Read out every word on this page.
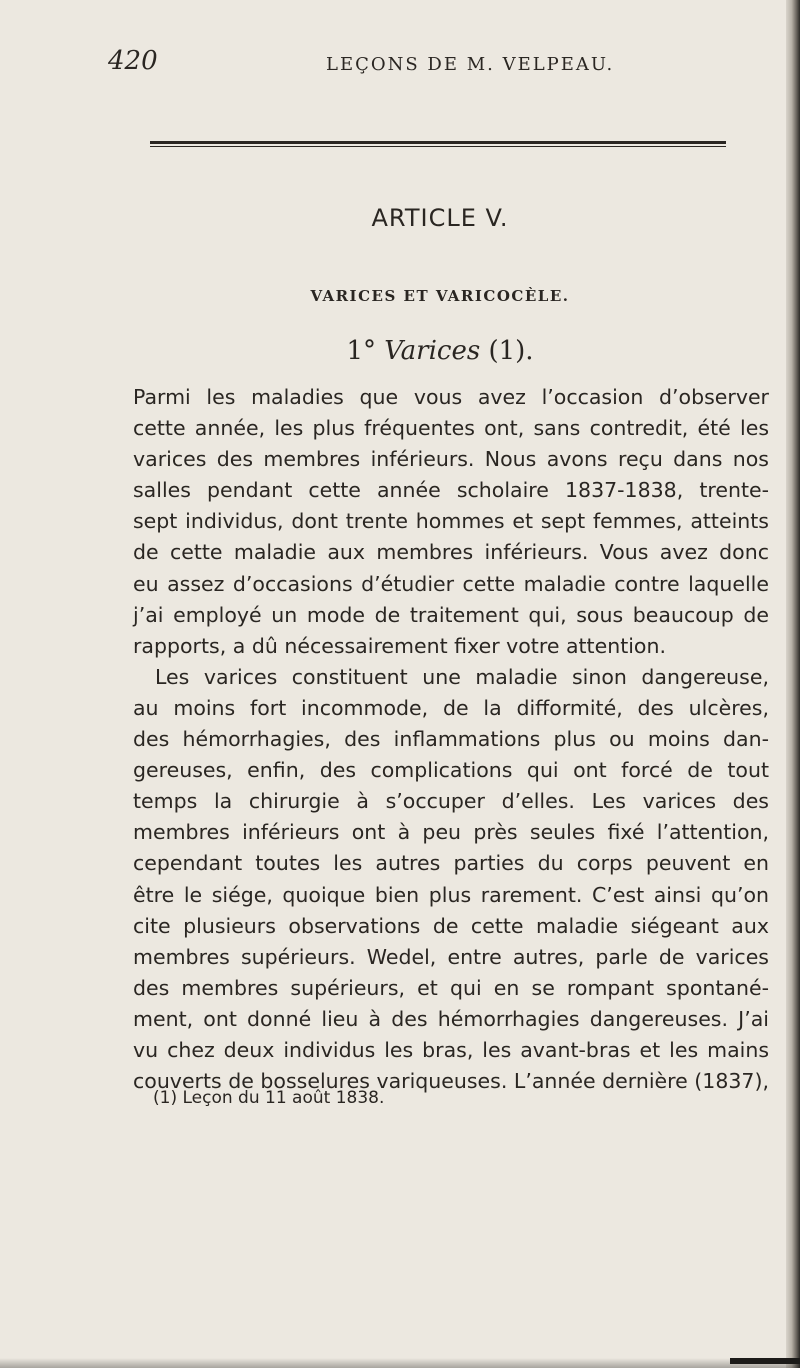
420	LEÇONS DE M. VELPEAU.
ARTICLE V.
VARICES ET VARICOCÈLE.
1° Varices (1).
Parmi les maladies que vous avez l’occasion d’observer
cette année, les plus fréquentes ont, sans contredit, été les
varices des membres inférieurs. Nous avons reçu dans nos
salles pendant cette année scholaire 1837-1838, trente-
sept individus, dont trente hommes et sept femmes, atteints
de cette maladie aux membres inférieurs. Vous avez donc
eu assez d’occasions d’étudier cette maladie contre laquelle
j’ai employé un mode de traitement qui, sous beaucoup de
rapports, a dû nécessairement fixer votre attention.
Les varices constituent une maladie sinon dangereuse,
au moins fort incommode, de la difformité, des ulcères,
des hémorrhagies, des inflammations plus ou moins dan-
gereuses, enfin, des complications qui ont forcé de tout
temps la chirurgie à s’occuper d’elles. Les varices des
membres inférieurs ont à peu près seules fixé l’attention,
cependant toutes les autres parties du corps peuvent en
être le siége, quoique bien plus rarement. C’est ainsi qu’on
cite plusieurs observations de cette maladie siégeant aux
membres supérieurs. Wedel, entre autres, parle de varices
des membres supérieurs, et qui en se rompant spontané-
ment, ont donné lieu à des hémorrhagies dangereuses. J’ai
vu chez deux individus les bras, les avant-bras et les mains
couverts de bosselures variqueuses. L’année dernière (1837),
(1) Leçon du 11 août 1838.
